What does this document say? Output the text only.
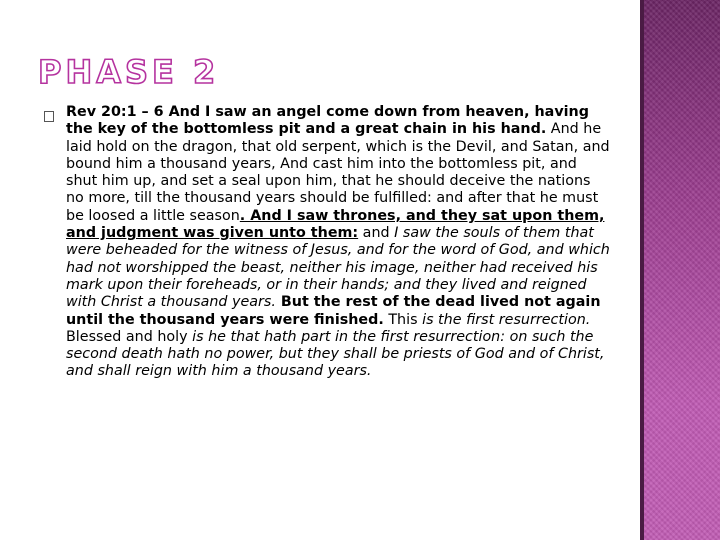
PHASE 2

Rev 20:1 – 6 And I saw an angel come down from heaven, having the key of the bottomless pit and a great chain in his hand. And he laid hold on the dragon, that old serpent, which is the Devil, and Satan, and bound him a thousand years, And cast him into the bottomless pit, and shut him up, and set a seal upon him, that he should deceive the nations no more, till the thousand years should be fulfilled: and after that he must be loosed a little season. And I saw thrones, and they sat upon them, and judgment was given unto them: and I saw the souls of them that were beheaded for the witness of Jesus, and for the word of God, and which had not worshipped the beast, neither his image, neither had received his mark upon their foreheads, or in their hands; and they lived and reigned with Christ a thousand years. But the rest of the dead lived not again until the thousand years were finished. This is the first resurrection. Blessed and holy is he that hath part in the first resurrection: on such the second death hath no power, but they shall be priests of God and of Christ, and shall reign with him a thousand years.
